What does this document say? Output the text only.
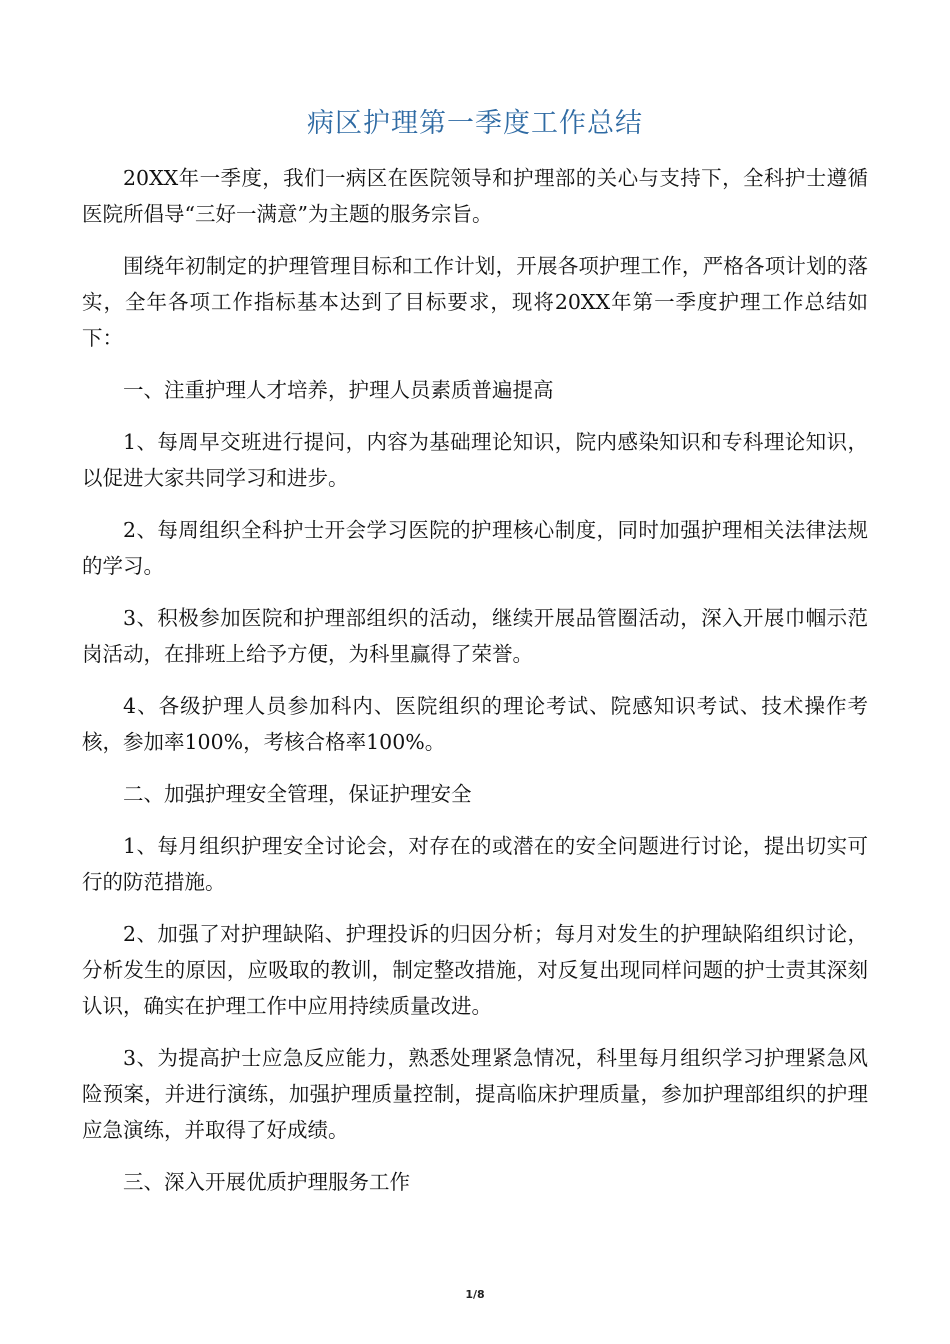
病区护理第一季度工作总结

20XX年一季度，我们一病区在医院领导和护理部的关心与支持下，全科护士遵循医院所倡导“三好一满意”为主题的服务宗旨。

围绕年初制定的护理管理目标和工作计划，开展各项护理工作，严格各项计划的落实，全年各项工作指标基本达到了目标要求，现将20XX年第一季度护理工作总结如下：

一、注重护理人才培养，护理人员素质普遍提高

1、每周早交班进行提问，内容为基础理论知识，院内感染知识和专科理论知识，以促进大家共同学习和进步。

2、每周组织全科护士开会学习医院的护理核心制度，同时加强护理相关法律法规的学习。

3、积极参加医院和护理部组织的活动，继续开展品管圈活动，深入开展巾帼示范岗活动，在排班上给予方便，为科里赢得了荣誉。

4、各级护理人员参加科内、医院组织的理论考试、院感知识考试、技术操作考核，参加率100%，考核合格率100%。

二、加强护理安全管理，保证护理安全

1、每月组织护理安全讨论会，对存在的或潜在的安全问题进行讨论，提出切实可行的防范措施。

2、加强了对护理缺陷、护理投诉的归因分析；每月对发生的护理缺陷组织讨论，分析发生的原因，应吸取的教训，制定整改措施，对反复出现同样问题的护士责其深刻认识，确实在护理工作中应用持续质量改进。

3、为提高护士应急反应能力，熟悉处理紧急情况，科里每月组织学习护理紧急风险预案，并进行演练，加强护理质量控制，提高临床护理质量，参加护理部组织的护理应急演练，并取得了好成绩。

三、深入开展优质护理服务工作

1/8
